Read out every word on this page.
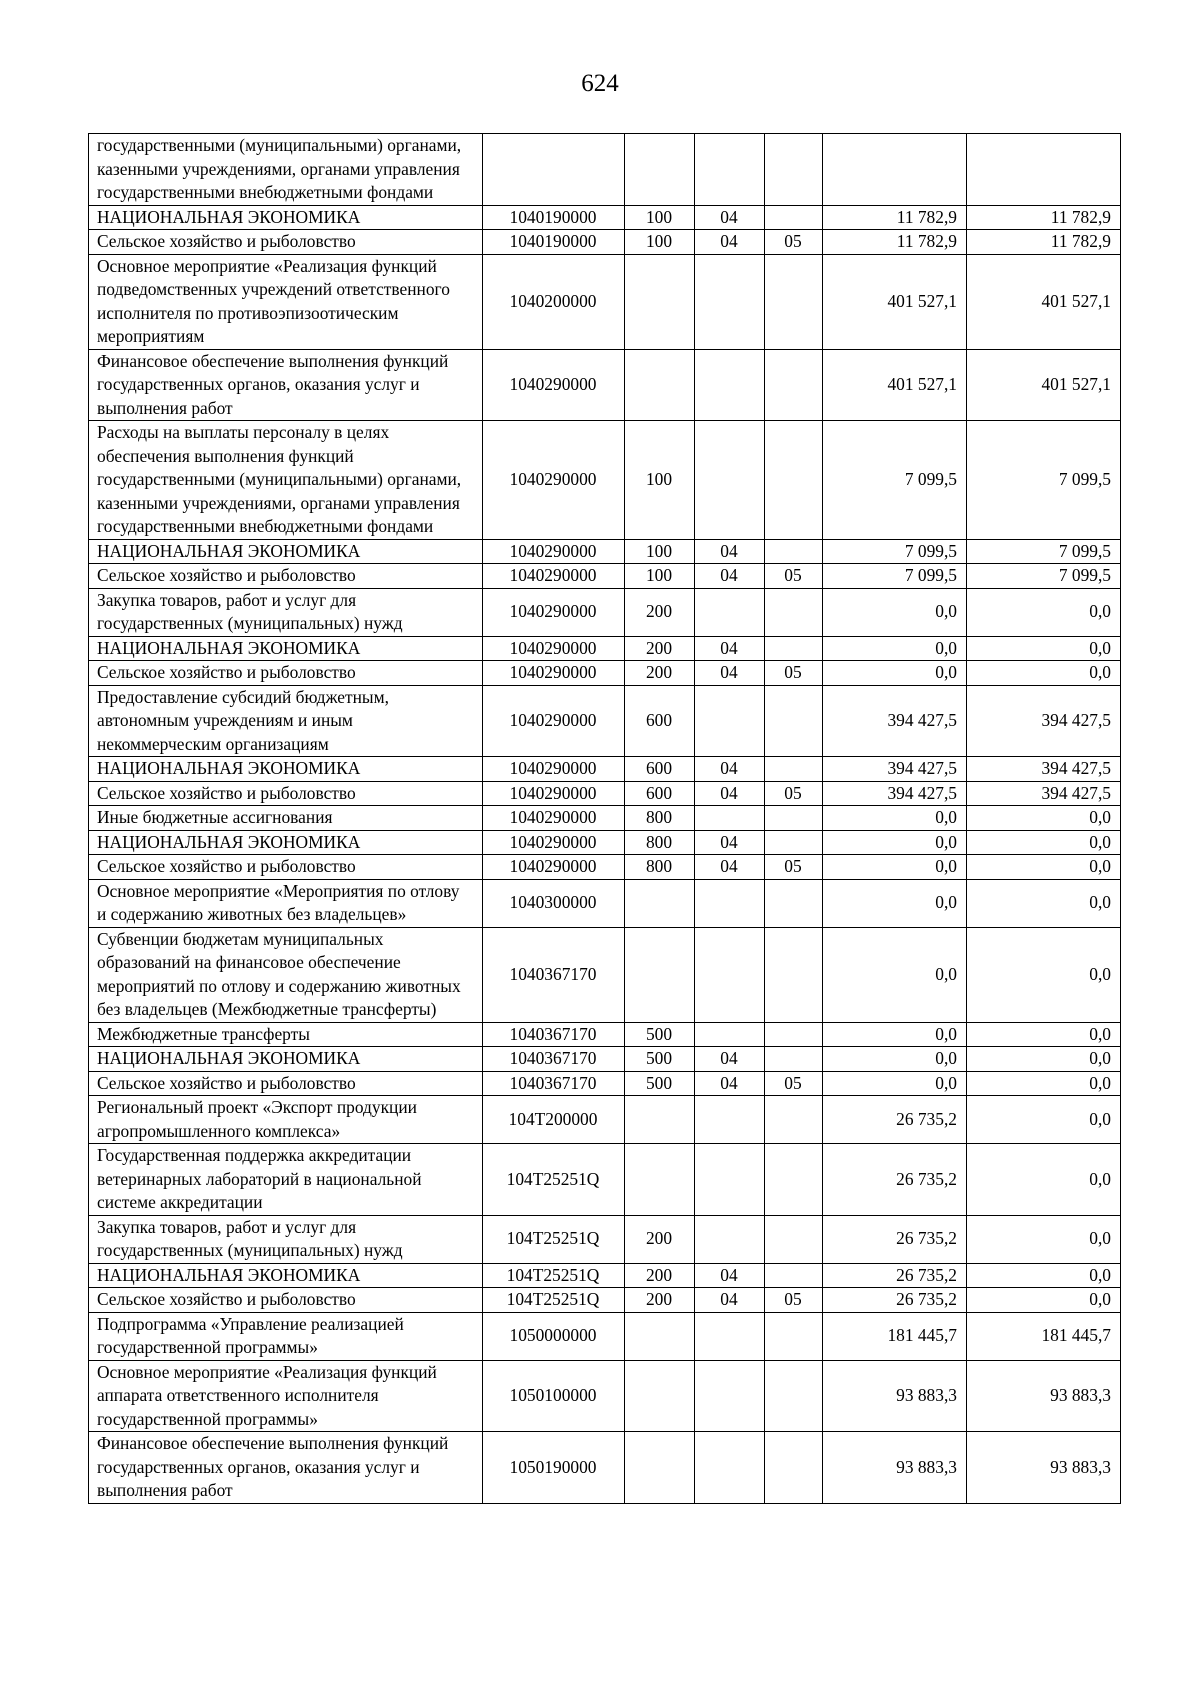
624
государственными (муниципальными) органами, казенными учреждениями, органами управления государственными внебюджетными фондами						
НАЦИОНАЛЬНАЯ ЭКОНОМИКА	1040190000	100	04		11 782,9	11 782,9
Сельское хозяйство и рыболовство	1040190000	100	04	05	11 782,9	11 782,9
Основное мероприятие «Реализация функций подведомственных учреждений ответственного исполнителя по противоэпизоотическим мероприятиям	1040200000				401 527,1	401 527,1
Финансовое обеспечение выполнения функций государственных органов, оказания услуг и выполнения работ	1040290000				401 527,1	401 527,1
Расходы на выплаты персоналу в целях обеспечения выполнения функций государственными (муниципальными) органами, казенными учреждениями, органами управления государственными внебюджетными фондами	1040290000	100			7 099,5	7 099,5
НАЦИОНАЛЬНАЯ ЭКОНОМИКА	1040290000	100	04		7 099,5	7 099,5
Сельское хозяйство и рыболовство	1040290000	100	04	05	7 099,5	7 099,5
Закупка товаров, работ и услуг для государственных (муниципальных) нужд	1040290000	200			0,0	0,0
НАЦИОНАЛЬНАЯ ЭКОНОМИКА	1040290000	200	04		0,0	0,0
Сельское хозяйство и рыболовство	1040290000	200	04	05	0,0	0,0
Предоставление субсидий бюджетным, автономным учреждениям и иным некоммерческим организациям	1040290000	600			394 427,5	394 427,5
НАЦИОНАЛЬНАЯ ЭКОНОМИКА	1040290000	600	04		394 427,5	394 427,5
Сельское хозяйство и рыболовство	1040290000	600	04	05	394 427,5	394 427,5
Иные бюджетные ассигнования	1040290000	800			0,0	0,0
НАЦИОНАЛЬНАЯ ЭКОНОМИКА	1040290000	800	04		0,0	0,0
Сельское хозяйство и рыболовство	1040290000	800	04	05	0,0	0,0
Основное мероприятие «Мероприятия по отлову и содержанию животных без владельцев»	1040300000				0,0	0,0
Субвенции бюджетам муниципальных образований на финансовое обеспечение мероприятий по отлову и содержанию животных без владельцев (Межбюджетные трансферты)	1040367170				0,0	0,0
Межбюджетные трансферты	1040367170	500			0,0	0,0
НАЦИОНАЛЬНАЯ ЭКОНОМИКА	1040367170	500	04		0,0	0,0
Сельское хозяйство и рыболовство	1040367170	500	04	05	0,0	0,0
Региональный проект «Экспорт продукции агропромышленного комплекса»	104T200000				26 735,2	0,0
Государственная поддержка аккредитации ветеринарных лабораторий в национальной системе аккредитации	104T25251Q				26 735,2	0,0
Закупка товаров, работ и услуг для государственных (муниципальных) нужд	104T25251Q	200			26 735,2	0,0
НАЦИОНАЛЬНАЯ ЭКОНОМИКА	104T25251Q	200	04		26 735,2	0,0
Сельское хозяйство и рыболовство	104T25251Q	200	04	05	26 735,2	0,0
Подпрограмма «Управление реализацией государственной программы»	1050000000				181 445,7	181 445,7
Основное мероприятие «Реализация функций аппарата ответственного исполнителя государственной программы»	1050100000				93 883,3	93 883,3
Финансовое обеспечение выполнения функций государственных органов, оказания услуг и выполнения работ	1050190000				93 883,3	93 883,3
